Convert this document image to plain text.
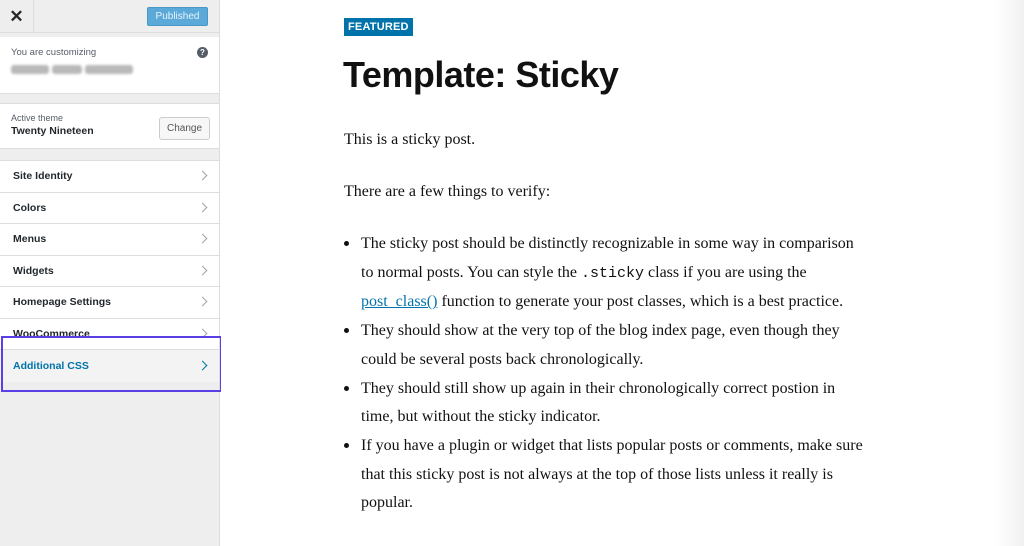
✕	Published
You are customizing	?
Active theme
Twenty Nineteen	Change
Site Identity
Colors
Menus
Widgets
Homepage Settings
WooCommerce
Additional CSS
FEATURED
Template: Sticky

This is a sticky post.

There are a few things to verify:

The sticky post should be distinctly recognizable in some way in comparison to normal posts. You can style the .sticky class if you are using the post_class() function to generate your post classes, which is a best practice.
They should show at the very top of the blog index page, even though they could be several posts back chronologically.
They should still show up again in their chronologically correct postion in time, but without the sticky indicator.
If you have a plugin or widget that lists popular posts or comments, make sure that this sticky post is not always at the top of those lists unless it really is popular.
